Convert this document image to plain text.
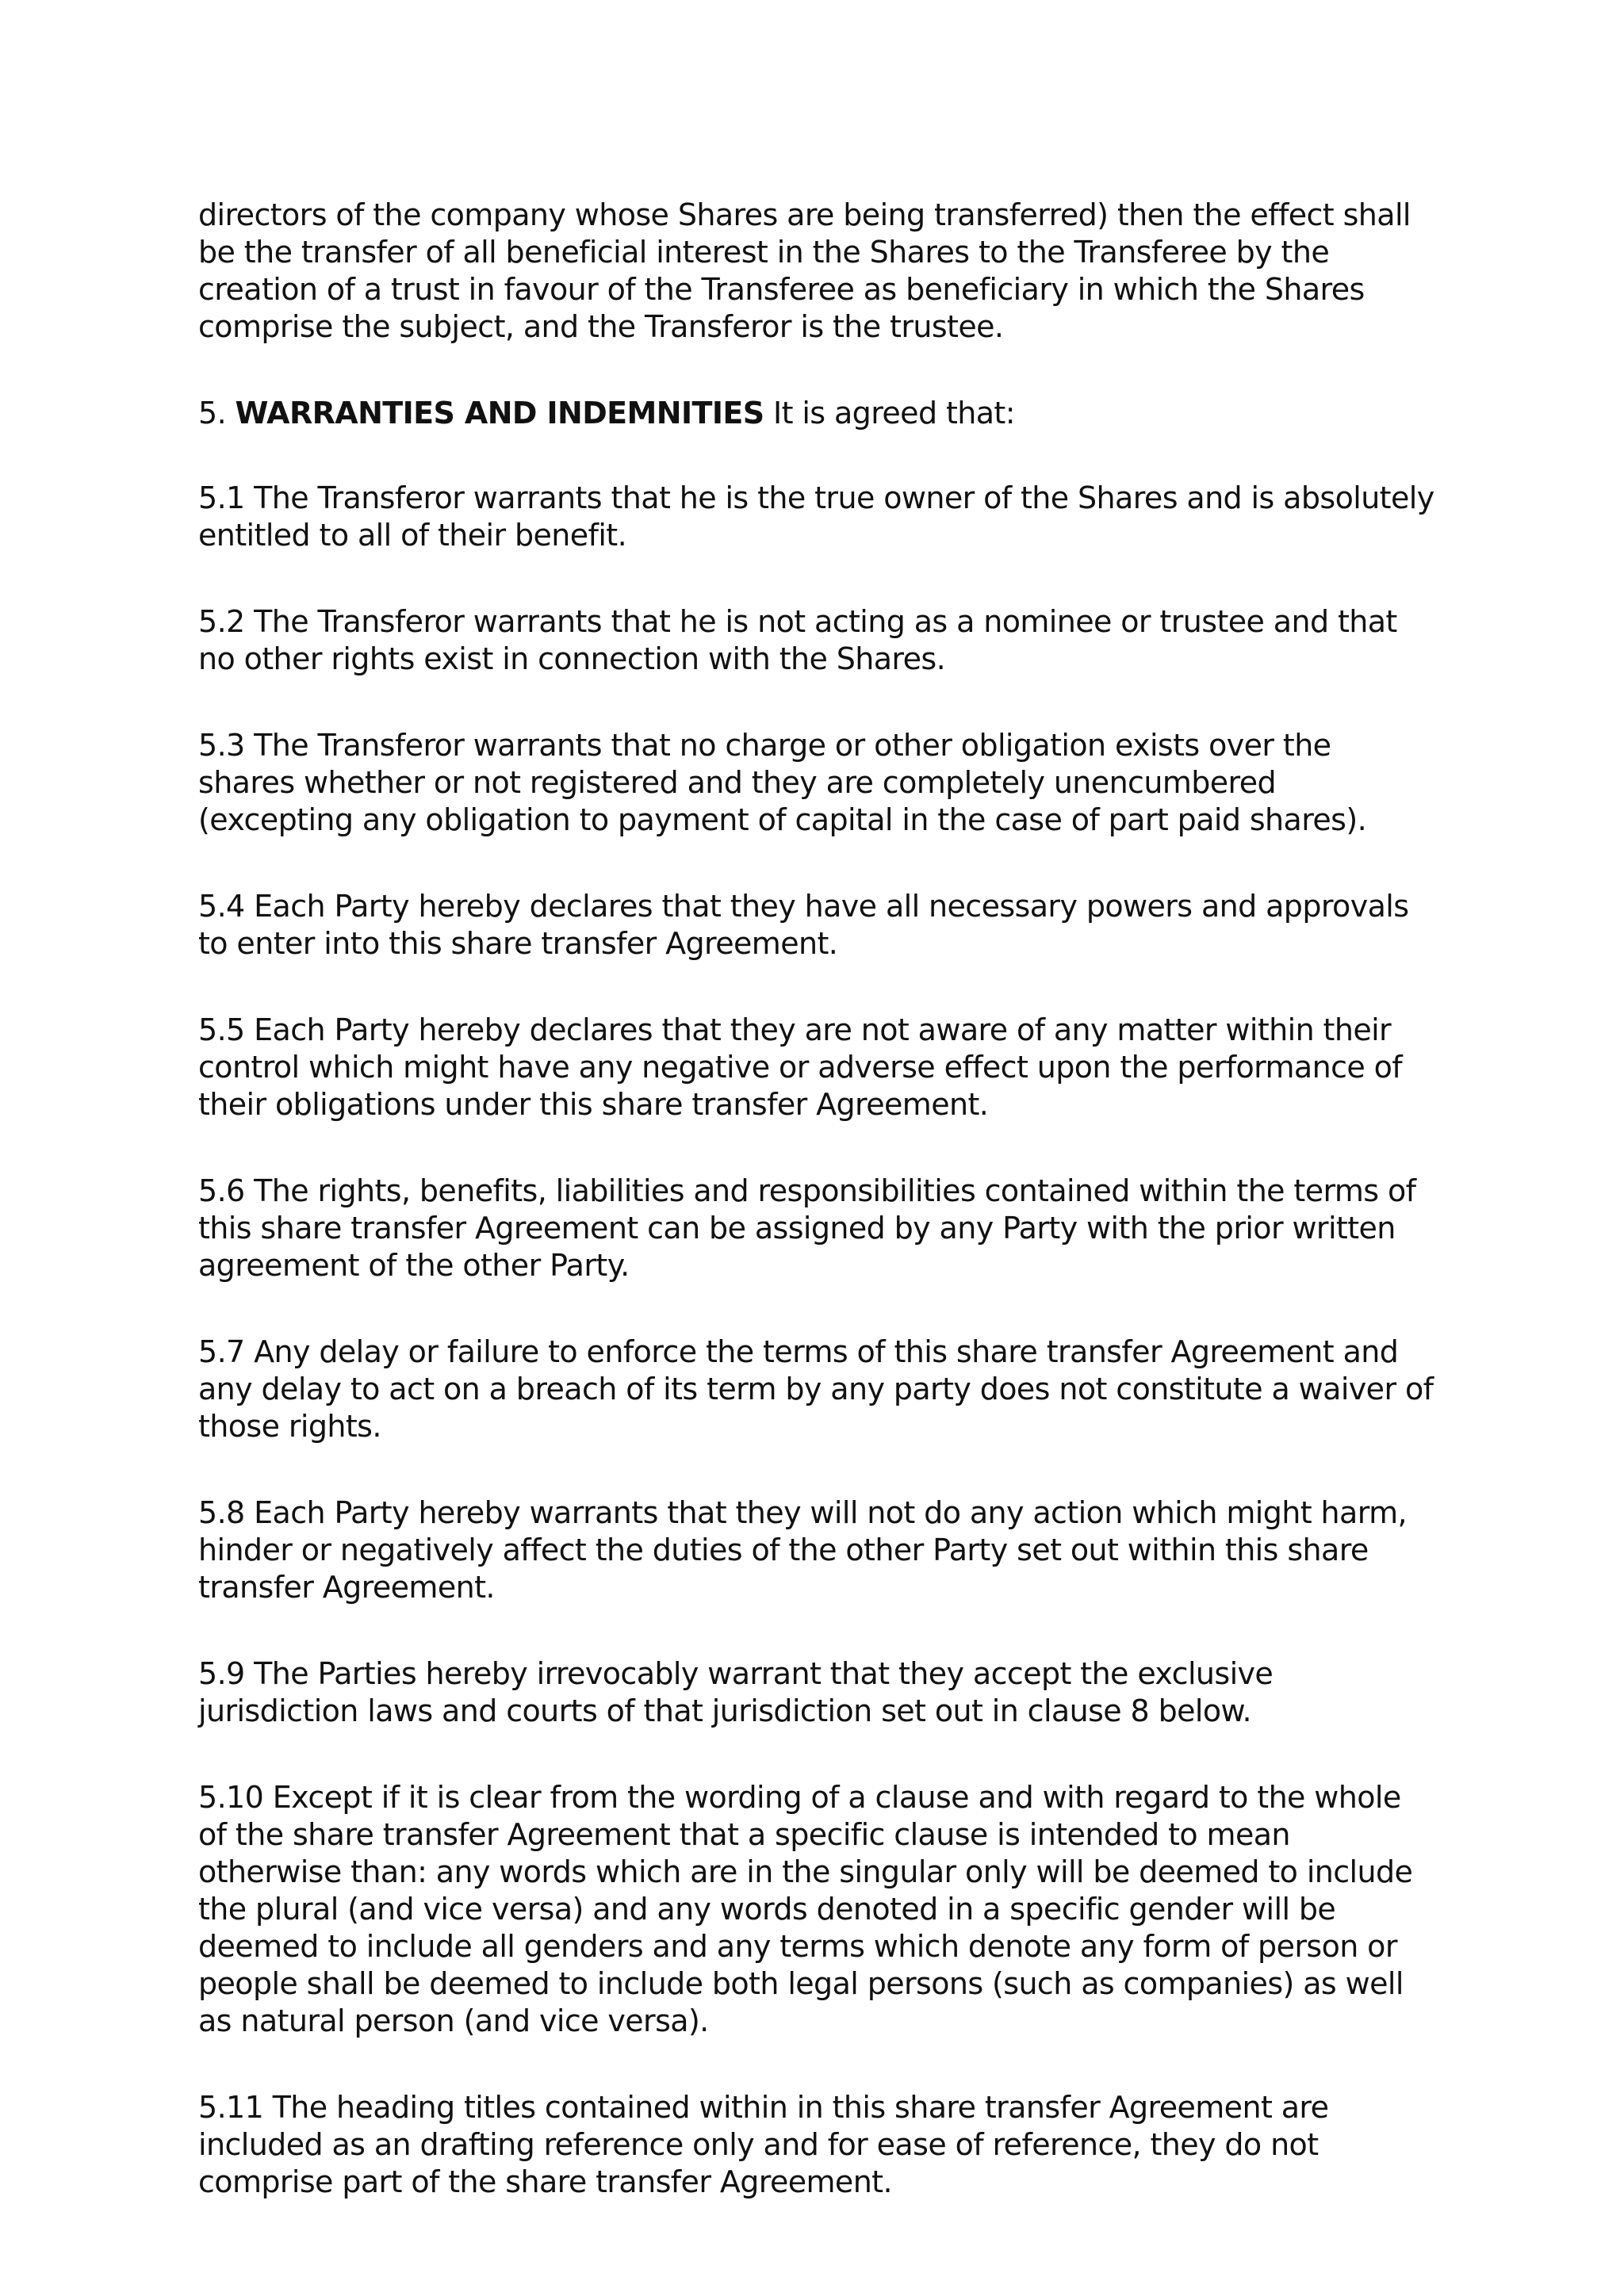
directors of the company whose Shares are being transferred) then the effect shall be the transfer of all beneficial interest in the Shares to the Transferee by the creation of a trust in favour of the Transferee as beneficiary in which the Shares comprise the subject, and the Transferor is the trustee.

5. WARRANTIES AND INDEMNITIES It is agreed that:

5.1 The Transferor warrants that he is the true owner of the Shares and is absolutely entitled to all of their benefit.

5.2 The Transferor warrants that he is not acting as a nominee or trustee and that no other rights exist in connection with the Shares.

5.3 The Transferor warrants that no charge or other obligation exists over the shares whether or not registered and they are completely unencumbered (excepting any obligation to payment of capital in the case of part paid shares).

5.4 Each Party hereby declares that they have all necessary powers and approvals to enter into this share transfer Agreement.

5.5 Each Party hereby declares that they are not aware of any matter within their control which might have any negative or adverse effect upon the performance of their obligations under this share transfer Agreement.

5.6 The rights, benefits, liabilities and responsibilities contained within the terms of this share transfer Agreement can be assigned by any Party with the prior written agreement of the other Party.

5.7 Any delay or failure to enforce the terms of this share transfer Agreement and any delay to act on a breach of its term by any party does not constitute a waiver of those rights.

5.8 Each Party hereby warrants that they will not do any action which might harm, hinder or negatively affect the duties of the other Party set out within this share transfer Agreement.

5.9 The Parties hereby irrevocably warrant that they accept the exclusive jurisdiction laws and courts of that jurisdiction set out in clause 8 below.

5.10 Except if it is clear from the wording of a clause and with regard to the whole of the share transfer Agreement that a specific clause is intended to mean otherwise than: any words which are in the singular only will be deemed to include the plural (and vice versa) and any words denoted in a specific gender will be deemed to include all genders and any terms which denote any form of person or people shall be deemed to include both legal persons (such as companies) as well as natural person (and vice versa).

5.11 The heading titles contained within in this share transfer Agreement are included as an drafting reference only and for ease of reference, they do not comprise part of the share transfer Agreement.
